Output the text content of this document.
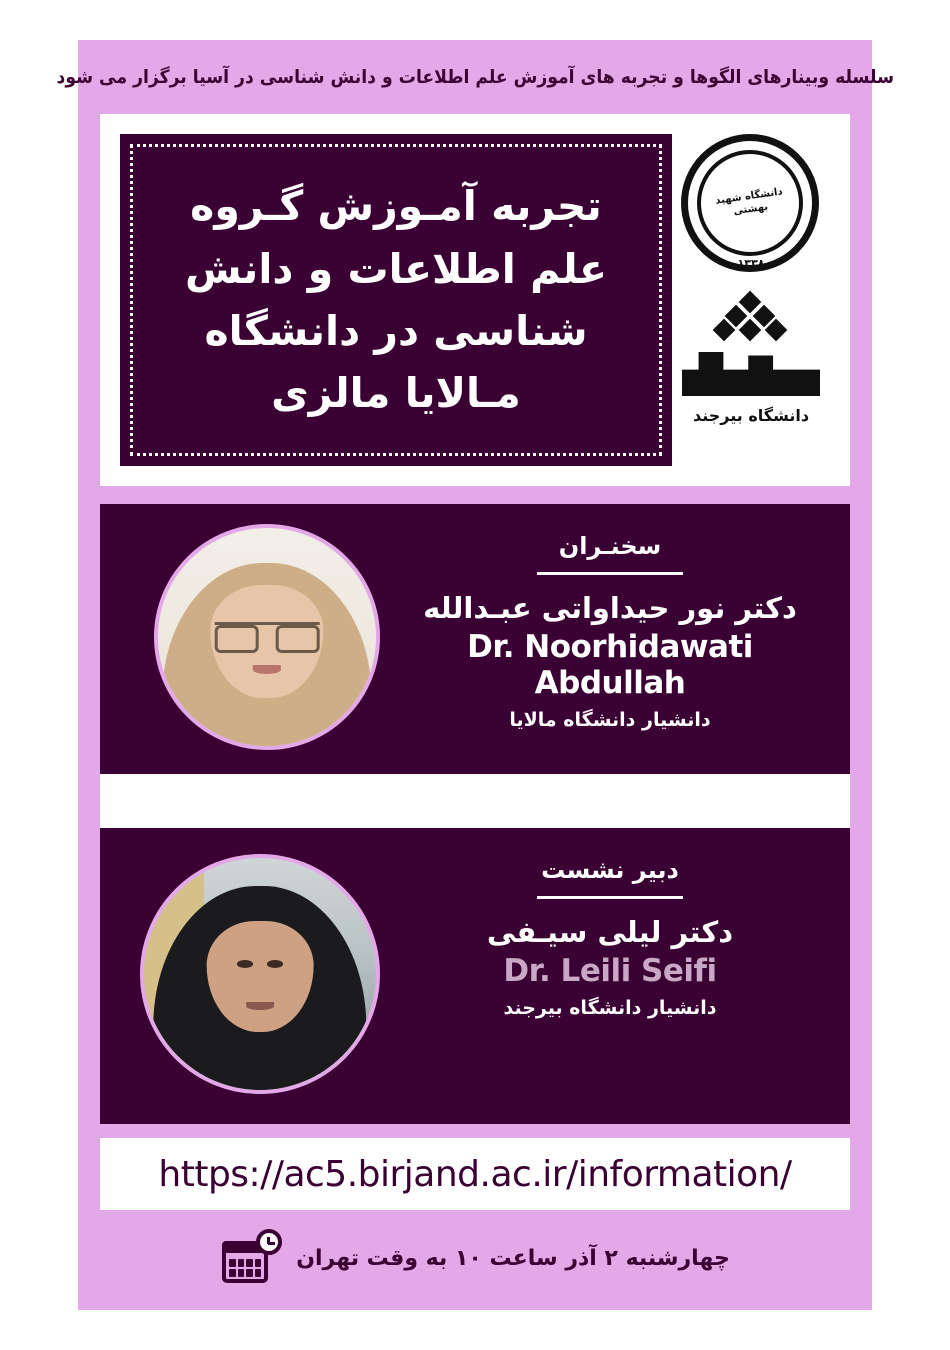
سلسله وبینارهای الگوها و تجربه های آموزش علم اطلاعات و دانش شناسی در آسیا برگزار می شود
تجربه آمـوزش گـروه علم اطلاعات و دانش شناسی در دانشگاه مـالایا مالزی
دانشگاه شهید بهشتی
۱۳۳۸
دانشگاه بیرجند
سخنـران
دکتر نور حیداواتی عبـدالله
Dr. Noorhidawati Abdullah
دانشیار دانشگاه مالایا
دبیر نشست
دکتر لیلی سیـفی
Dr. Leili Seifi
دانشیار دانشگاه بیرجند
https://ac5.birjand.ac.ir/information/
چهارشنبه ۲ آذر ساعت ۱۰ به وقت تهران
